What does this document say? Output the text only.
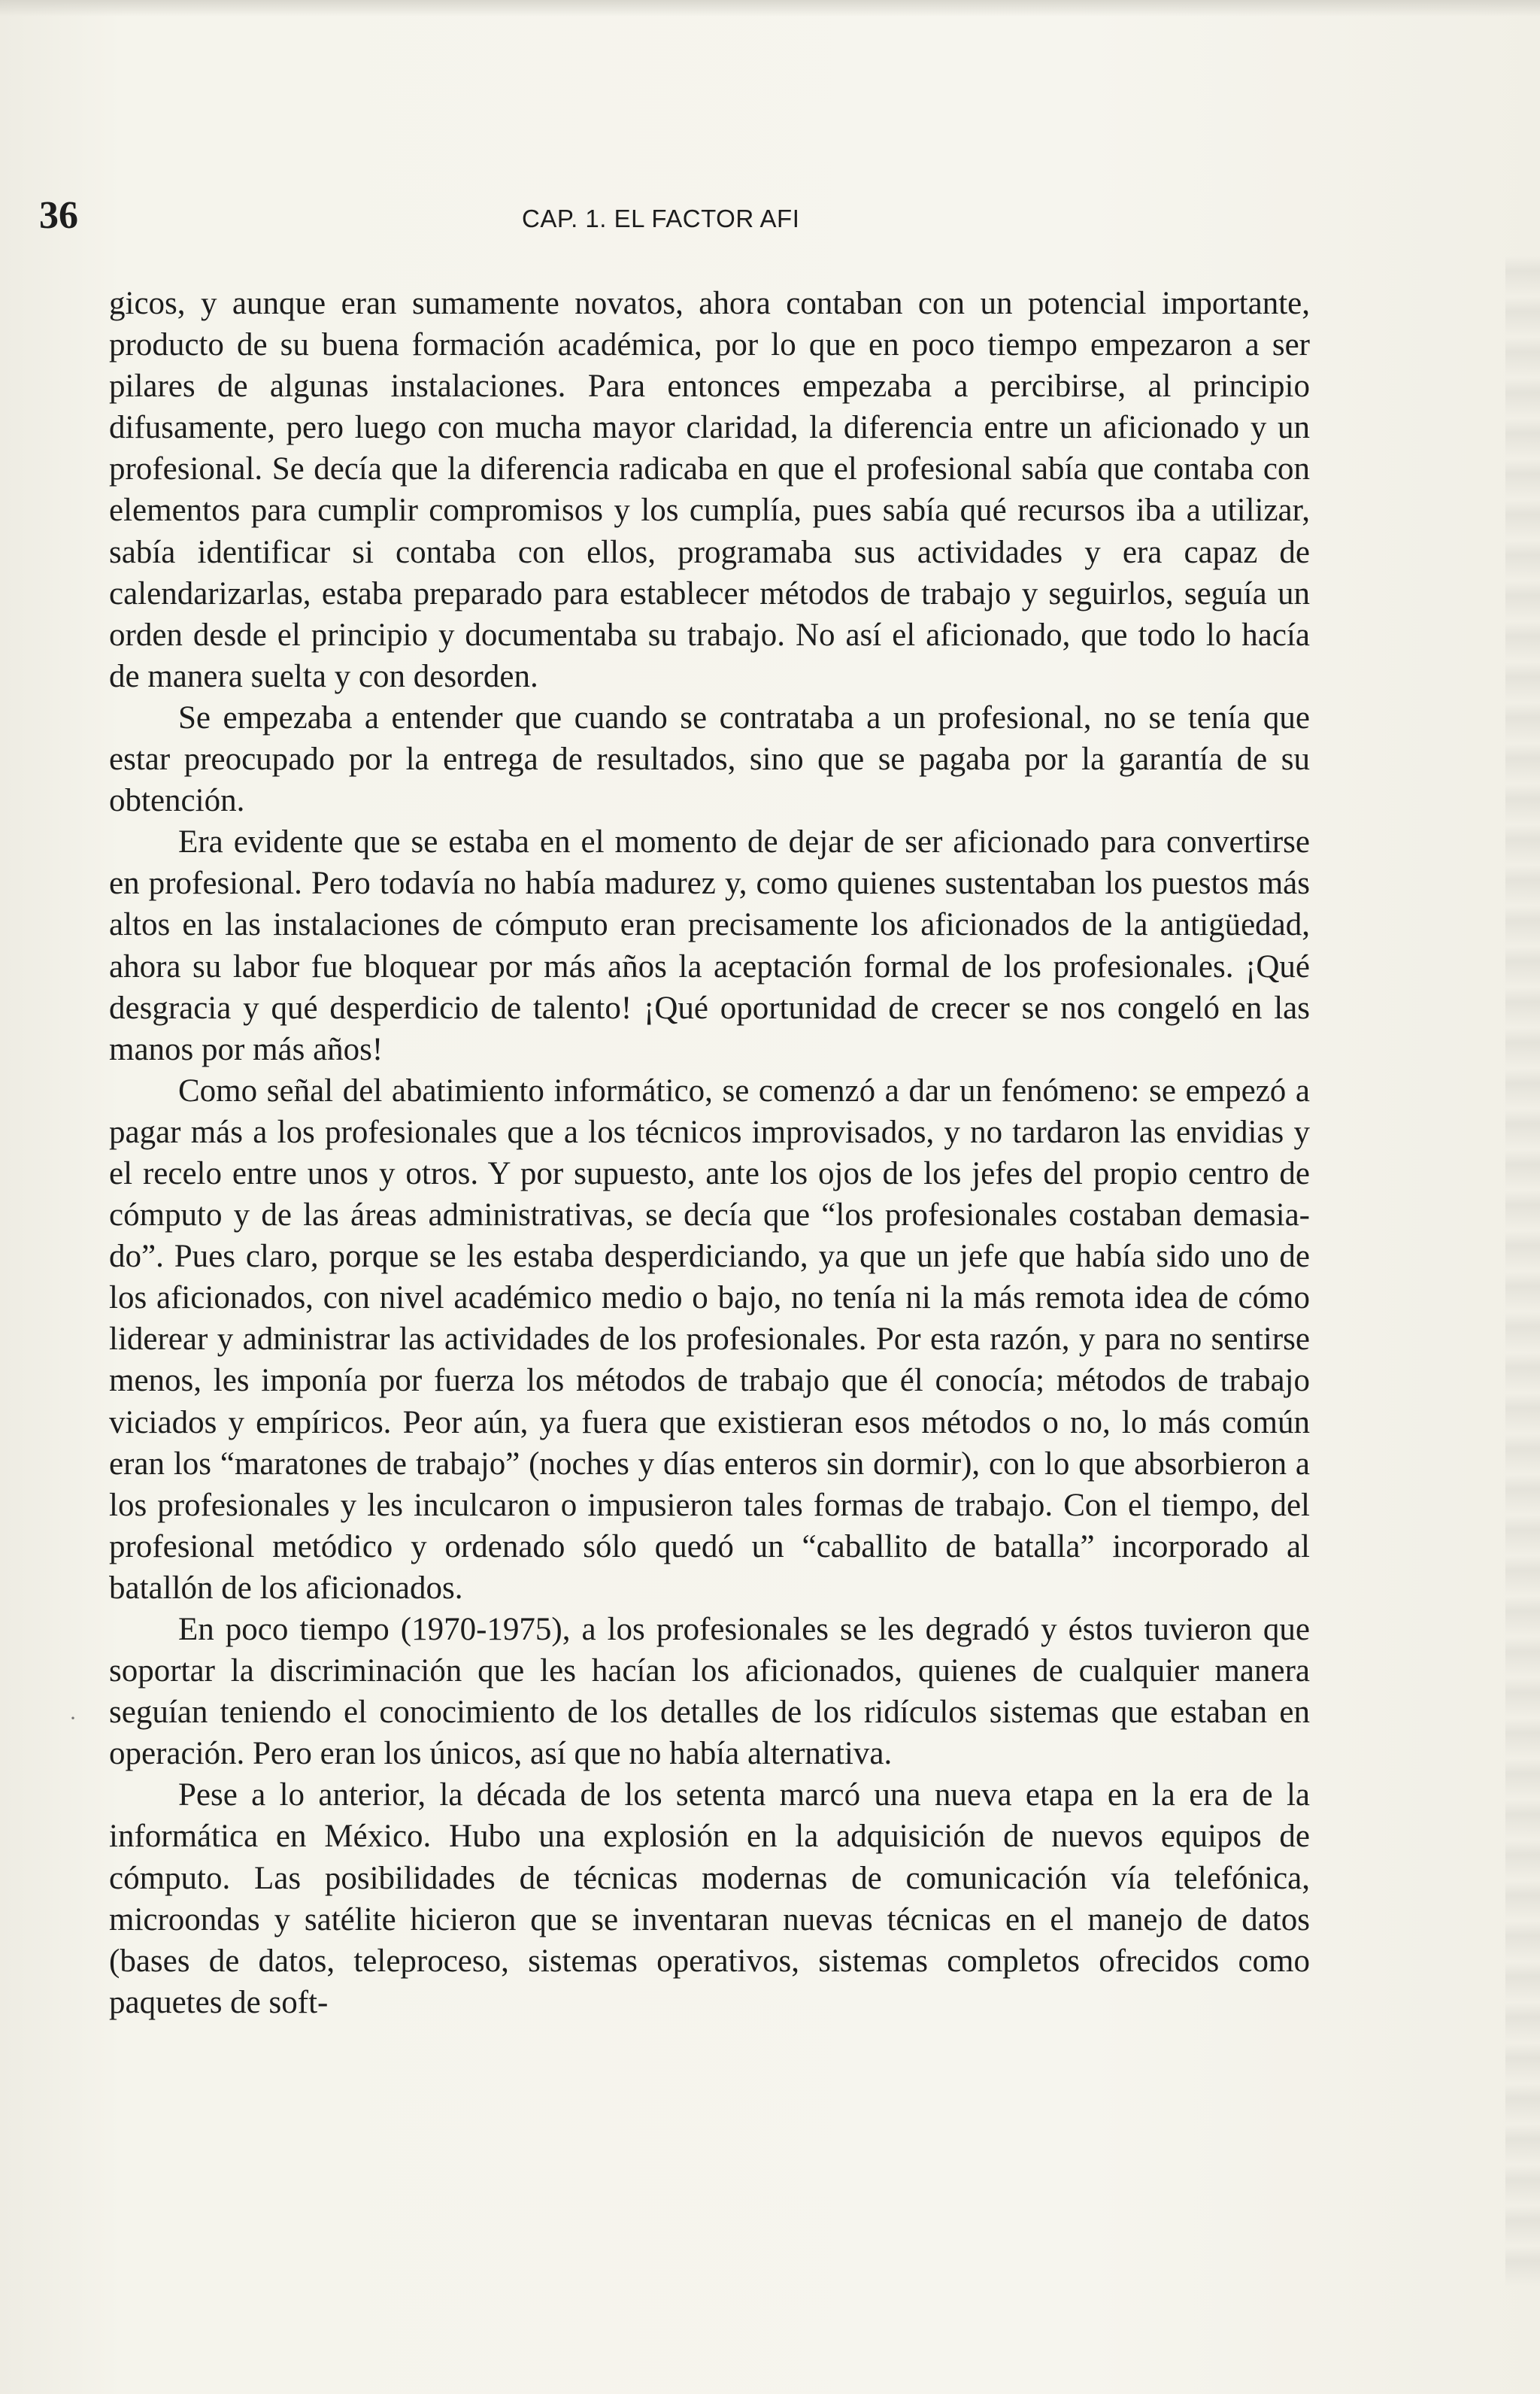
36	CAP. 1. EL FACTOR AFI

gicos, y aunque eran sumamente novatos, ahora contaban con un potencial importante, producto de su buena formación académica, por lo que en poco tiempo empezaron a ser pilares de algunas instalaciones. Para entonces empezaba a percibirse, al principio difusamente, pero luego con mucha mayor claridad, la diferencia entre un aficionado y un profesional. Se decía que la diferencia radicaba en que el profesional sabía que contaba con elementos para cumplir compromisos y los cumplía, pues sabía qué recursos iba a utilizar, sabía identificar si contaba con ellos, programaba sus actividades y era capaz de calendarizarlas, estaba preparado para establecer métodos de trabajo y seguirlos, seguía un orden desde el principio y documentaba su trabajo. No así el aficionado, que todo lo hacía de manera suelta y con desorden.

Se empezaba a entender que cuando se contrataba a un profesional, no se tenía que estar preocupado por la entrega de resultados, sino que se pagaba por la garantía de su obtención.

Era evidente que se estaba en el momento de dejar de ser aficionado para convertirse en profesional. Pero todavía no había madurez y, como quienes sustentaban los puestos más altos en las instalaciones de cómputo eran precisamente los aficionados de la antigüedad, ahora su labor fue bloquear por más años la aceptación formal de los profesionales. ¡Qué desgracia y qué desperdicio de talento! ¡Qué oportunidad de crecer se nos congeló en las manos por más años!

Como señal del abatimiento informático, se comenzó a dar un fenómeno: se empezó a pagar más a los profesionales que a los técnicos improvisados, y no tardaron las envidias y el recelo entre unos y otros. Y por supuesto, ante los ojos de los jefes del propio centro de cómputo y de las áreas administrativas, se decía que “los profesionales costaban demasiado”. Pues claro, porque se les estaba desperdiciando, ya que un jefe que había sido uno de los aficionados, con nivel académico medio o bajo, no tenía ni la más remota idea de cómo liderear y administrar las actividades de los profesionales. Por esta razón, y para no sentirse menos, les imponía por fuerza los métodos de trabajo que él conocía; métodos de trabajo viciados y empíricos. Peor aún, ya fuera que existieran esos métodos o no, lo más común eran los “maratones de trabajo” (noches y días enteros sin dormir), con lo que absorbieron a los profesionales y les inculcaron o impusieron tales formas de trabajo. Con el tiempo, del profesional metódico y ordenado sólo quedó un “caballito de batalla” incorporado al batallón de los aficionados.

En poco tiempo (1970-1975), a los profesionales se les degradó y éstos tuvieron que soportar la discriminación que les hacían los aficionados, quienes de cualquier manera seguían teniendo el conocimiento de los detalles de los ridículos sistemas que estaban en operación. Pero eran los únicos, así que no había alternativa.

Pese a lo anterior, la década de los setenta marcó una nueva etapa en la era de la informática en México. Hubo una explosión en la adquisición de nuevos equipos de cómputo. Las posibilidades de técnicas modernas de comunicación vía telefónica, microondas y satélite hicieron que se inventaran nuevas técnicas en el manejo de datos (bases de datos, teleproceso, sistemas operativos, sistemas completos ofrecidos como paquetes de soft-

·
